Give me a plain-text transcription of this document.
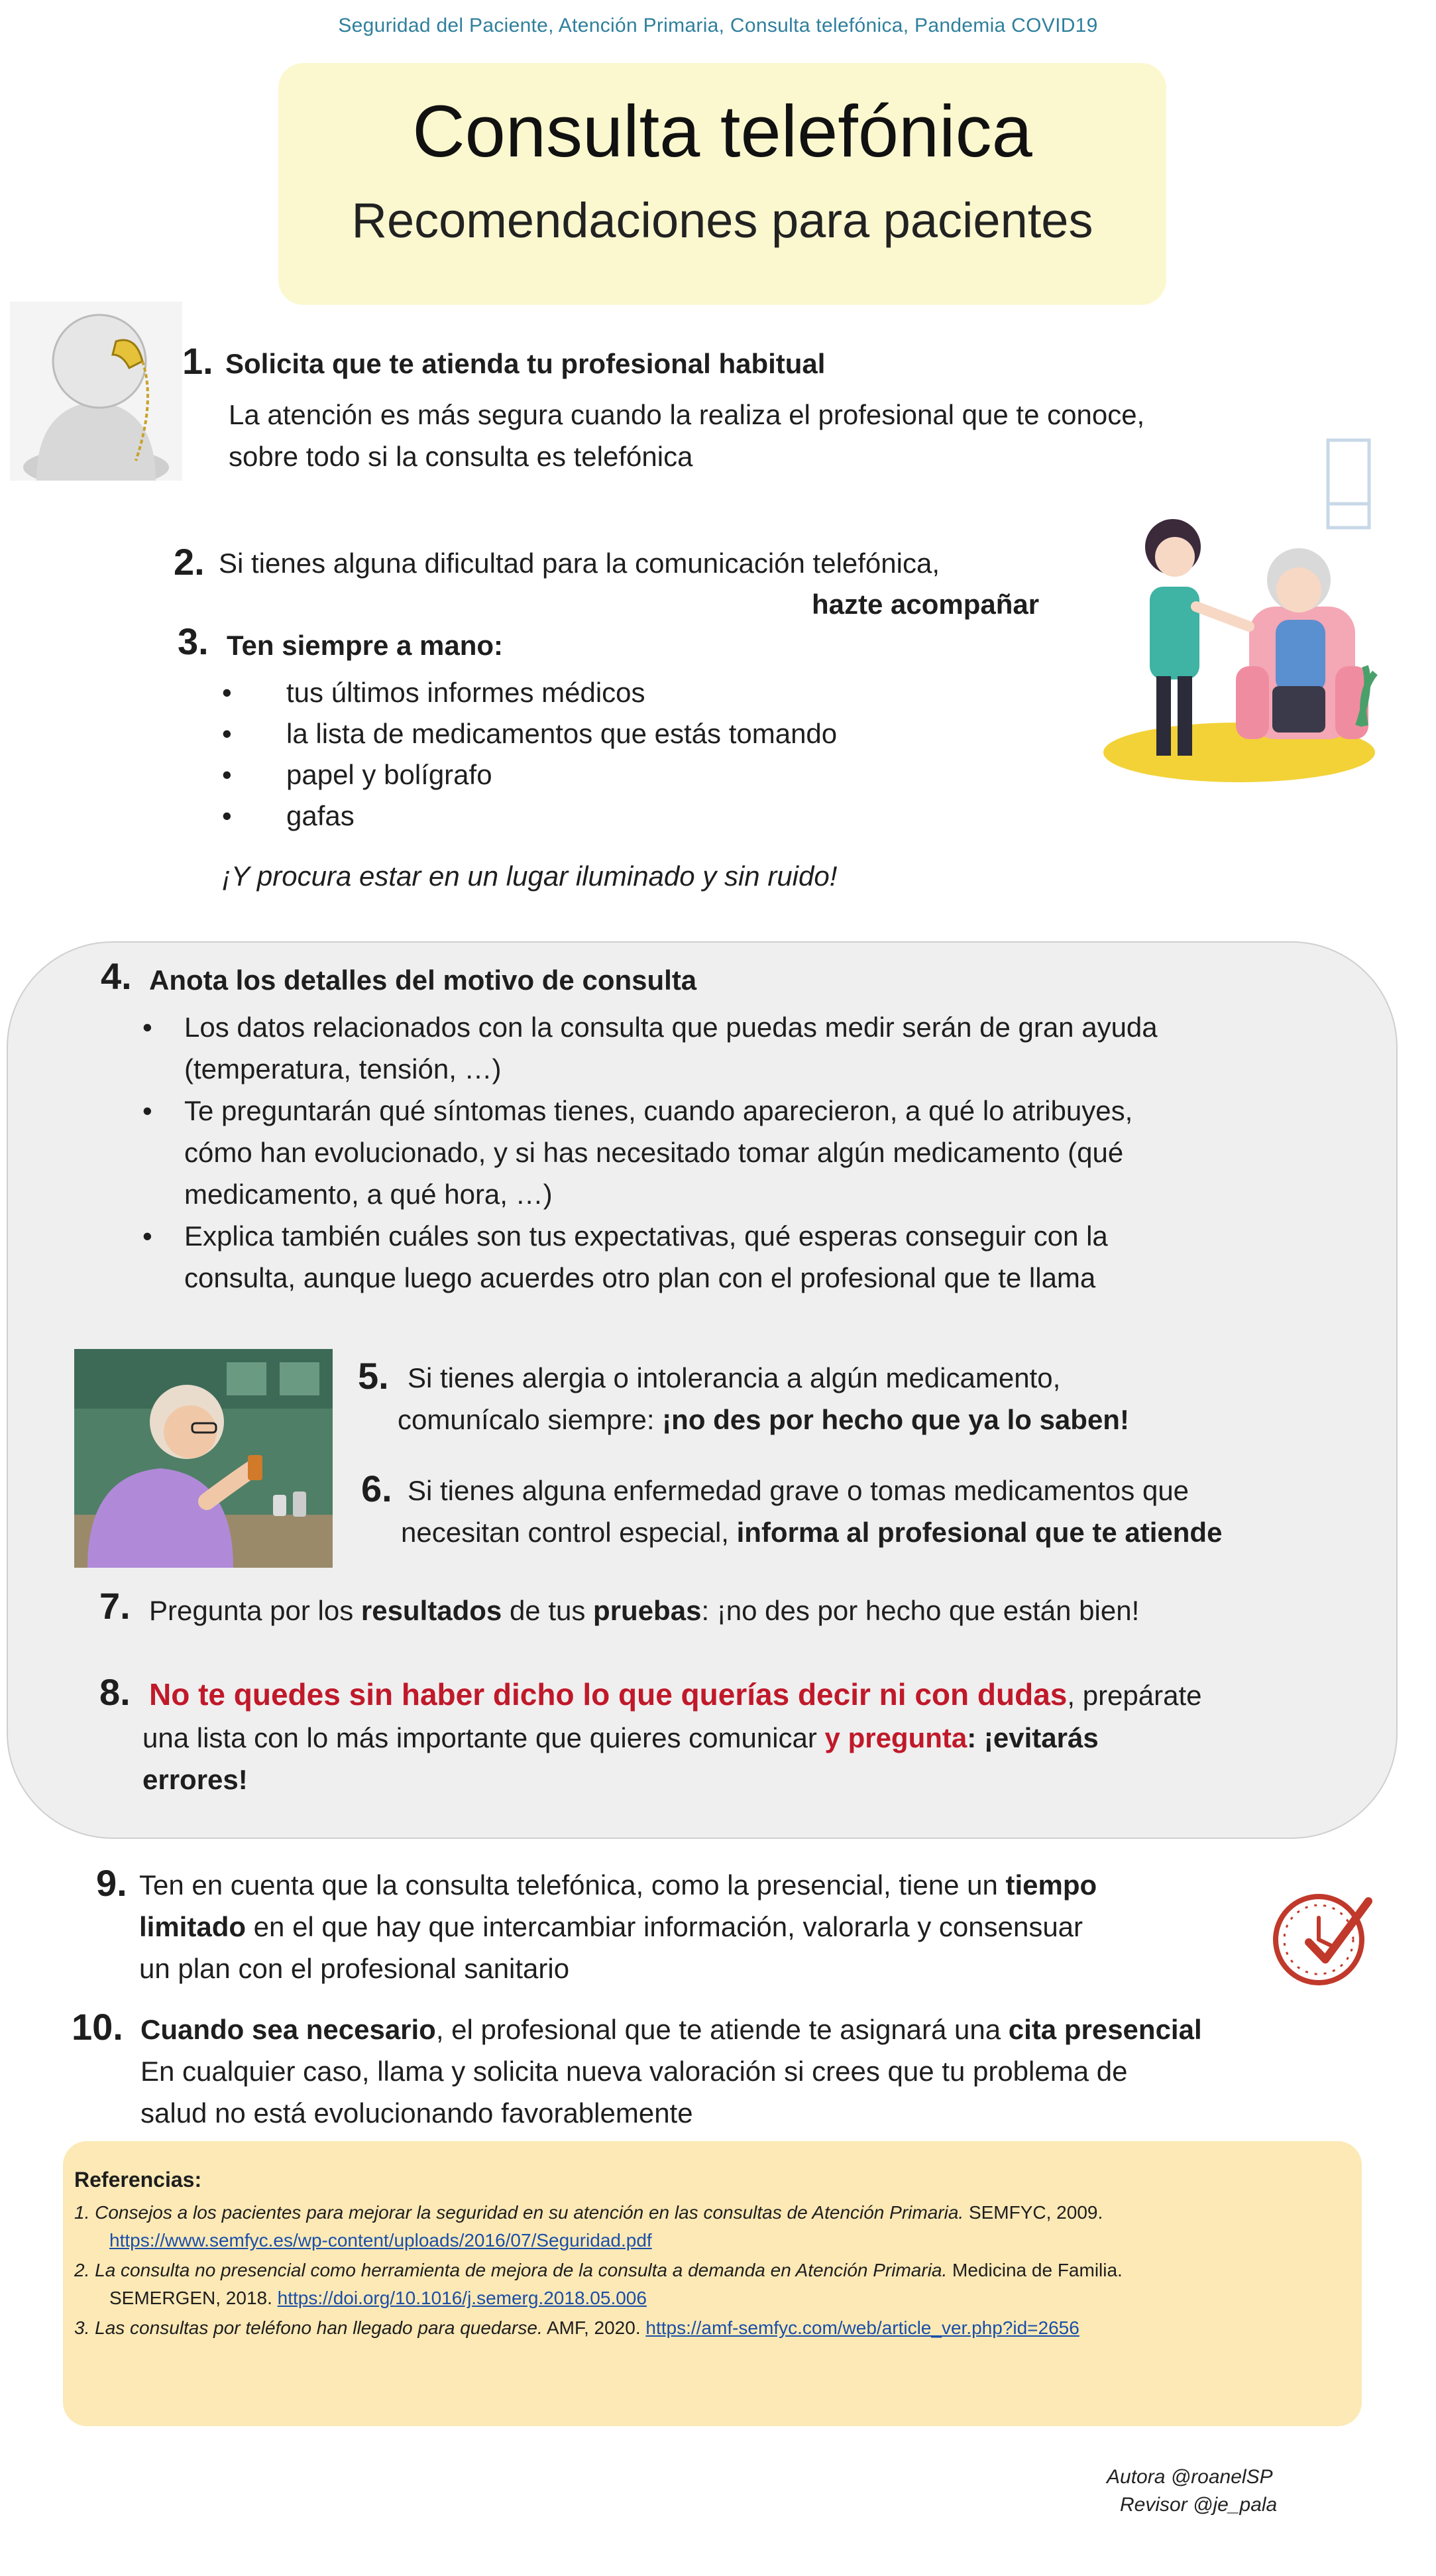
Seguridad del Paciente, Atención Primaria, Consulta telefónica, Pandemia COVID19
Consulta telefónica
Recomendaciones para pacientes
1. Solicita que te atienda tu profesional habitual
La atención es más segura cuando la realiza el profesional que te conoce,
sobre todo si la consulta es telefónica
2. Si tienes alguna dificultad para la comunicación telefónica,
hazte acompañar
3. Ten siempre a mano:
• tus últimos informes médicos
• la lista de medicamentos que estás tomando
• papel y bolígrafo
• gafas
¡Y procura estar en un lugar iluminado y sin ruido!
4. Anota los detalles del motivo de consulta
• Los datos relacionados con la consulta que puedas medir serán de gran ayuda
(temperatura, tensión, …)
• Te preguntarán qué síntomas tienes, cuando aparecieron, a qué lo atribuyes,
cómo han evolucionado, y si has necesitado tomar algún medicamento (qué
medicamento, a qué hora, …)
• Explica también cuáles son tus expectativas, qué esperas conseguir con la
consulta, aunque luego acuerdes otro plan con el profesional que te llama
5. Si tienes alergia o intolerancia a algún medicamento,
comunícalo siempre: ¡no des por hecho que ya lo saben!
6. Si tienes alguna enfermedad grave o tomas medicamentos que
necesitan control especial, informa al profesional que te atiende
7. Pregunta por los resultados de tus pruebas: ¡no des por hecho que están bien!
8. No te quedes sin haber dicho lo que querías decir ni con dudas, prepárate
una lista con lo más importante que quieres comunicar y pregunta: ¡evitarás
errores!
9. Ten en cuenta que la consulta telefónica, como la presencial, tiene un tiempo
limitado en el que hay que intercambiar información, valorarla y consensuar
un plan con el profesional sanitario
10. Cuando sea necesario, el profesional que te atiende te asignará una cita presencial
En cualquier caso, llama y solicita nueva valoración si crees que tu problema de
salud no está evolucionando favorablemente
Referencias:
1. Consejos a los pacientes para mejorar la seguridad en su atención en las consultas de Atención Primaria. SEMFYC, 2009.
https://www.semfyc.es/wp-content/uploads/2016/07/Seguridad.pdf
2. La consulta no presencial como herramienta de mejora de la consulta a demanda en Atención Primaria. Medicina de Familia.
SEMERGEN, 2018. https://doi.org/10.1016/j.semerg.2018.05.006
3. Las consultas por teléfono han llegado para quedarse. AMF, 2020. https://amf-semfyc.com/web/article_ver.php?id=2656
Autora @roanelSP
Revisor @je_pala
